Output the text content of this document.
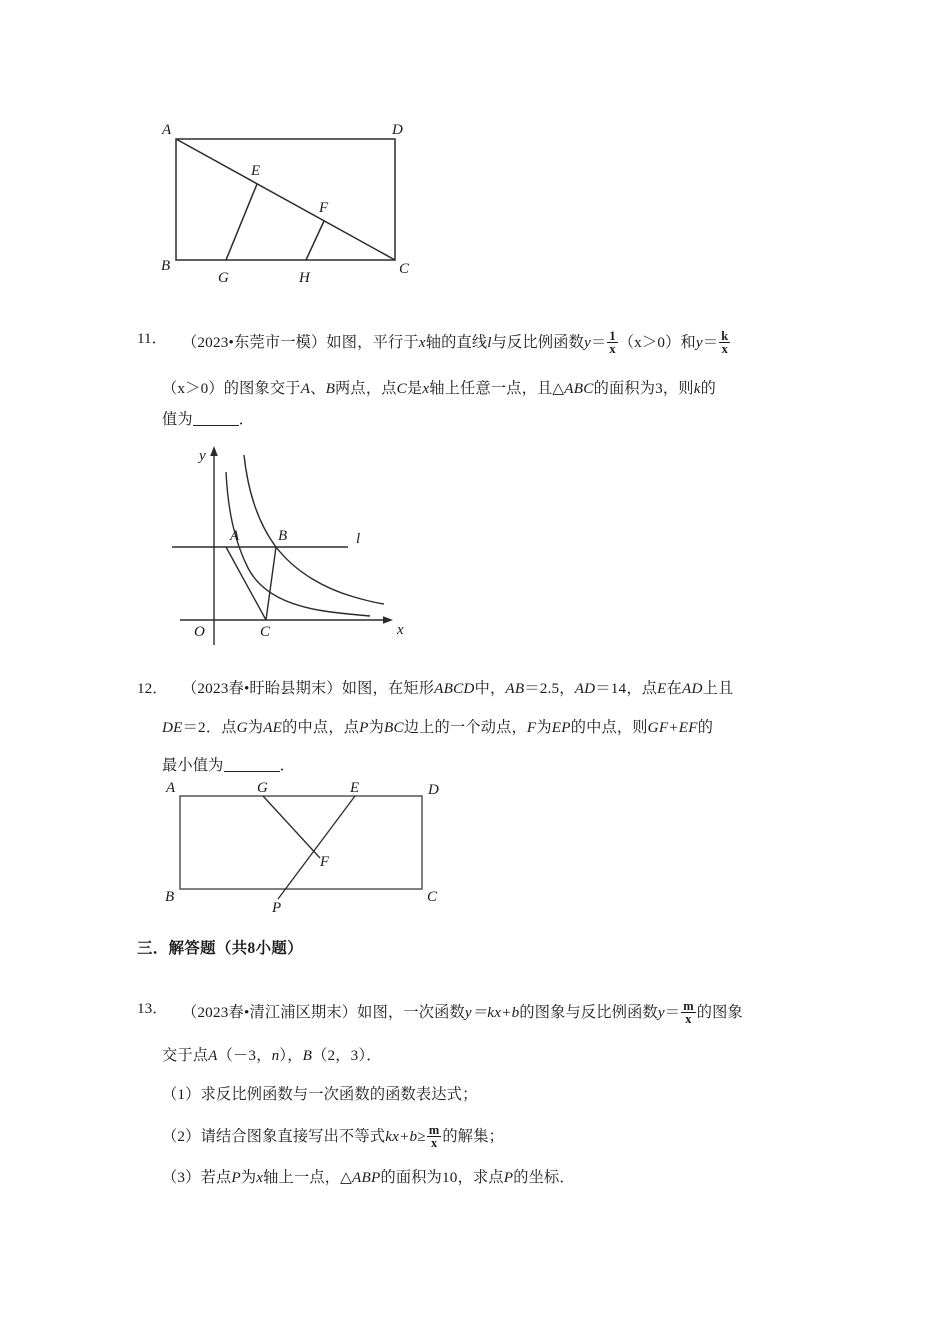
A	D
E
F
B
G	H
C
11． （2023•东莞市一模）如图，平行于x轴的直线l与反比例函数$y= \frac{1}{x} (x>0)$和$y= \frac{k}{x}$
（x＞0）的图象交于A、B两点，点C是x轴上任意一点，且△ABC的面积为3，则k的
值为	．
y
x
O
A	B
C
l
12． （2023春•盱眙县期末）如图，在矩形ABCD中，AB＝2.5，AD＝14，点E在AD上且
DE＝2．点G为AE的中点，点P为BC边上的一个动点，F为EP的中点，则GF+EF的
最小值为	．
A	G	E	D
F
B
P
C
三．解答题（共8小题）
13． （2023春•清江浦区期末）如图，一次函数y＝kx+b的图象与反比例函数$y= \frac{m}{x}$ 的图象
交于点A（－3，n），B（2，3）．
（1）求反比例函数与一次函数的函数表达式；
（2）请结合图象直接写出不等式$kx+b\ge \frac{m}{x}$ 的解集；
（3）若点P为x轴上一点，△ABP的面积为10，求点P的坐标．
